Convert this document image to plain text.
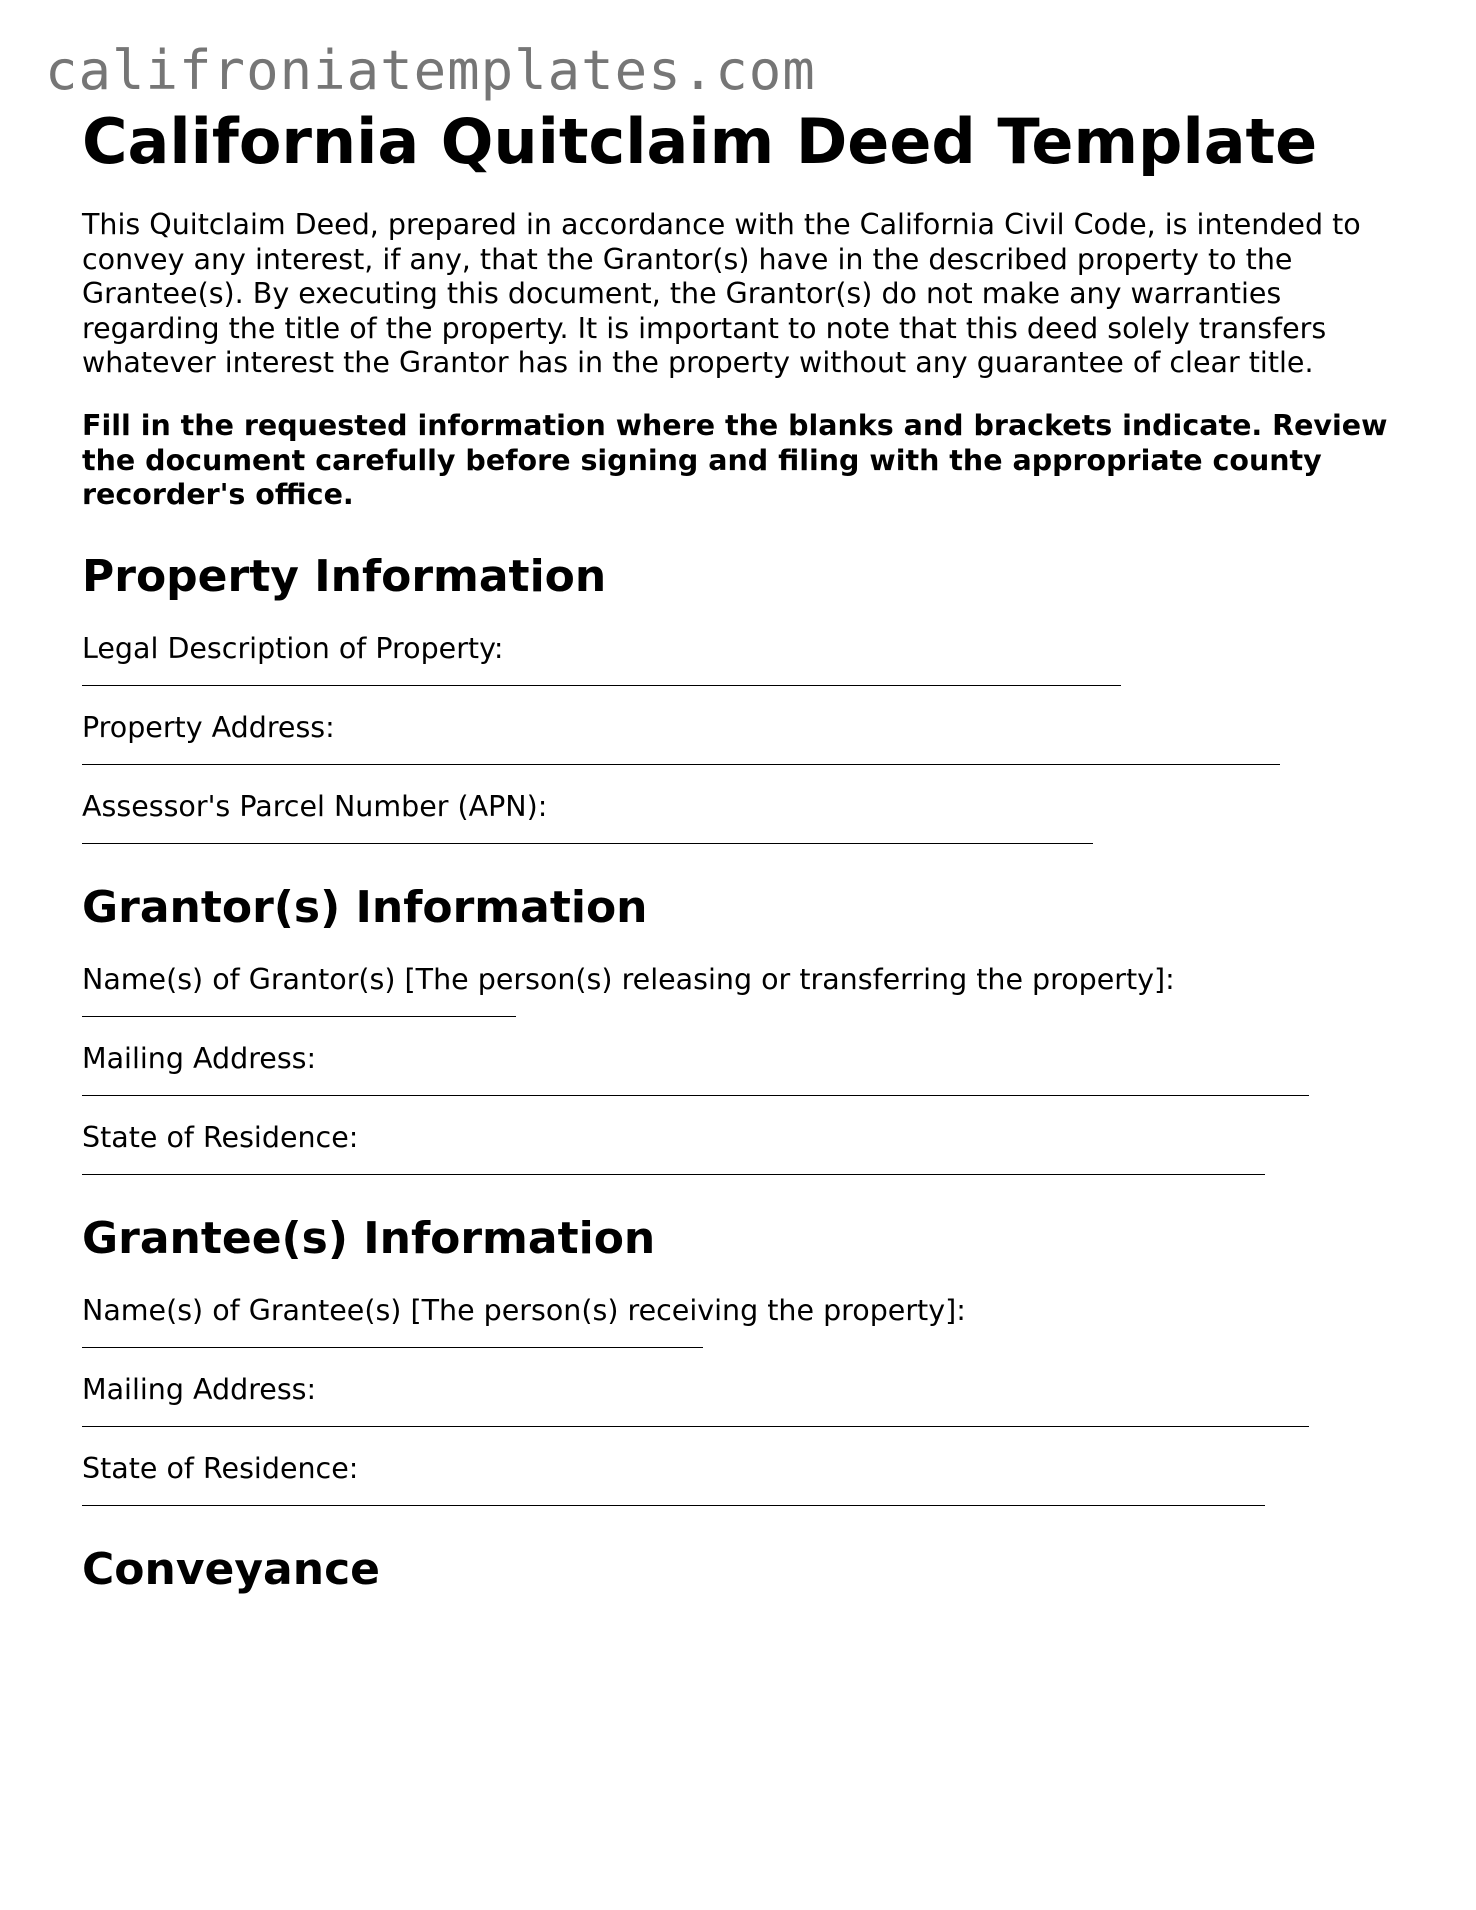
califroniatemplates.com
California Quitclaim Deed Template

This Quitclaim Deed, prepared in accordance with the California Civil Code, is intended to convey any interest, if any, that the Grantor(s) have in the described property to the Grantee(s). By executing this document, the Grantor(s) do not make any warranties regarding the title of the property. It is important to note that this deed solely transfers whatever interest the Grantor has in the property without any guarantee of clear title.

Fill in the requested information where the blanks and brackets indicate. Review the document carefully before signing and filing with the appropriate county recorder's office.

Property Information
Legal Description of Property:
Property Address:
Assessor's Parcel Number (APN):
Grantor(s) Information
Name(s) of Grantor(s) [The person(s) releasing or transferring the property]:
Mailing Address:
State of Residence:
Grantee(s) Information
Name(s) of Grantee(s) [The person(s) receiving the property]:
Mailing Address:
State of Residence:
Conveyance
